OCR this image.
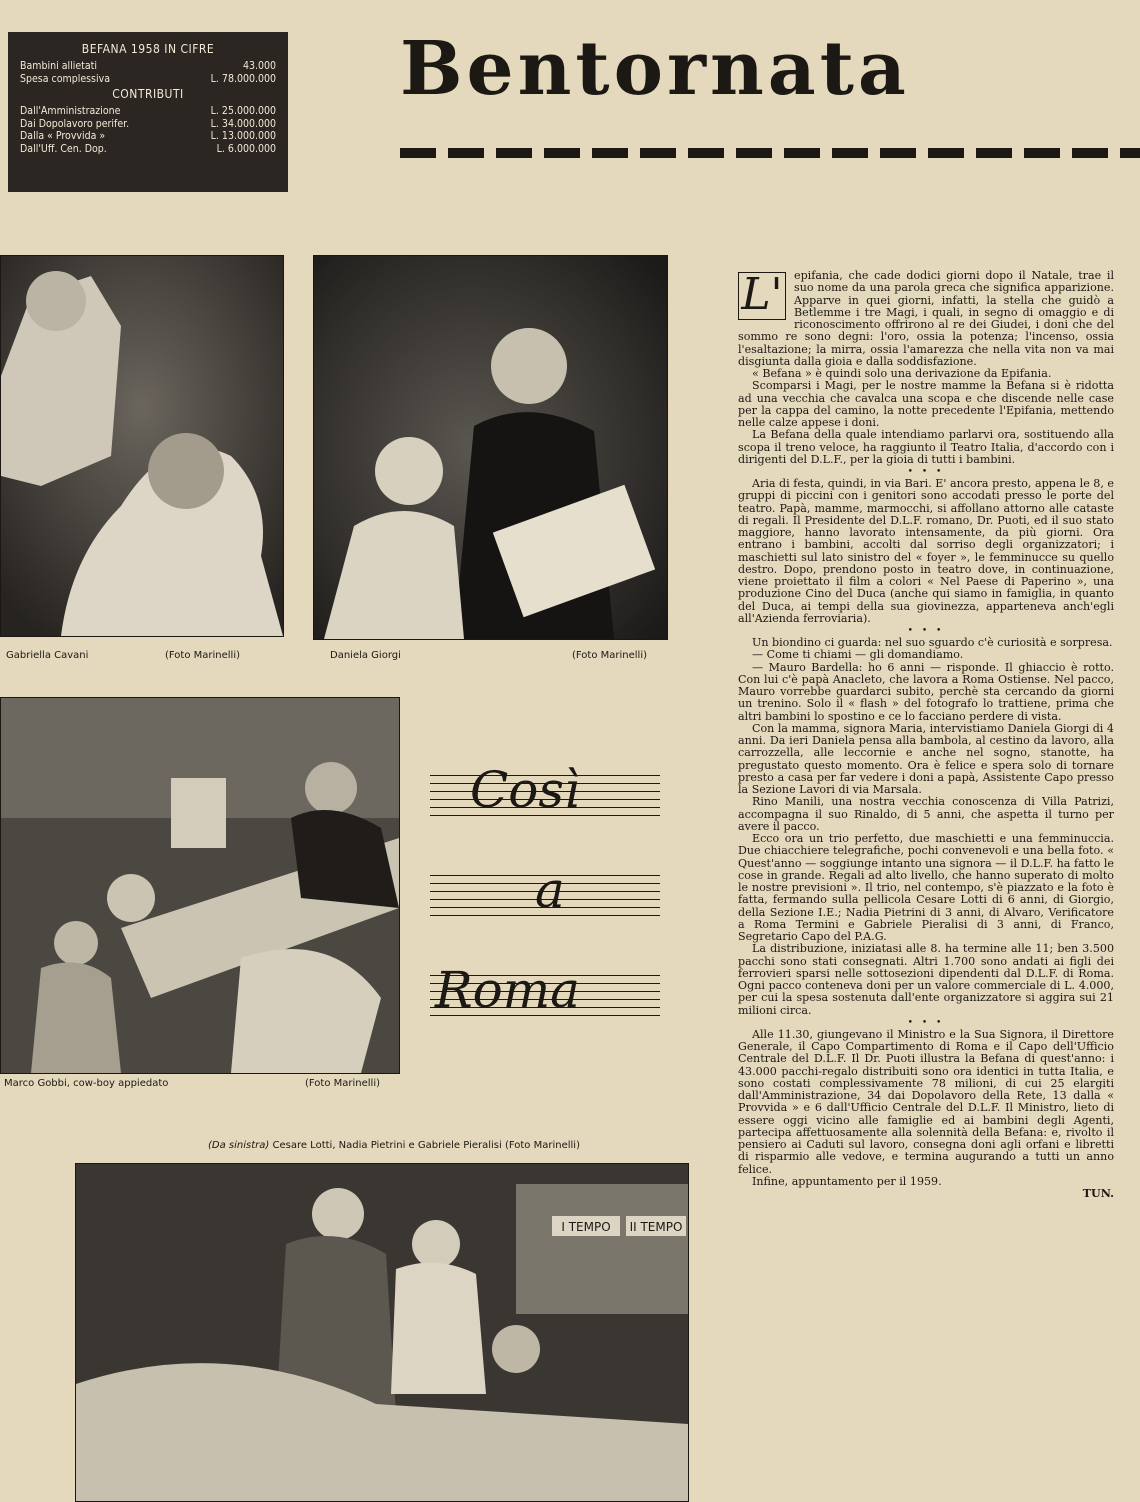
BEFANA 1958 IN CIFRE
Bambini allietati	43.000
Spesa complessiva	L. 78.000.000
CONTRIBUTI
Dall'Amministrazione	L. 25.000.000
Dai Dopolavoro perifer.	L. 34.000.000
Dalla « Provvida »	L. 13.000.000
Dall'Uff. Cen. Dop.	L. 6.000.000
Bentornata
Gabriella Cavani	(Foto Marinelli)	Daniela Giorgi	(Foto Marinelli)
Marco Gobbi, cow-boy appiedato	(Foto Marinelli)
Così
a
Roma
(Da sinistra) Cesare Lotti, Nadia Pietrini e Gabriele Pieralisi (Foto Marinelli)
I TEMPO II TEMPO
L'	epifania, che cade dodici giorni dopo il Natale, trae il suo nome da una parola greca che significa apparizione. Apparve in quei giorni, infatti, la stella che guidò a Betlemme i tre Magi, i quali, in segno di omaggio e di riconoscimento offrirono al re dei Giudei, i doni che del sommo re sono degni: l'oro, ossia la potenza; l'incenso, ossia l'esaltazione; la mirra, ossia l'amarezza che nella vita non va mai disgiunta dalla gioia e dalla soddisfazione.

« Befana » è quindi solo una derivazione da Epifania.

Scomparsi i Magi, per le nostre mamme la Befana si è ridotta ad una vecchia che cavalca una scopa e che discende nelle case per la cappa del camino, la notte precedente l'Epifania, mettendo nelle calze appese i doni.

La Befana della quale intendiamo parlarvi ora, sostituendo alla scopa il treno veloce, ha raggiunto il Teatro Italia, d'accordo con i dirigenti del D.L.F., per la gioia di tutti i bambini.

• • •

Aria di festa, quindi, in via Bari. E' ancora presto, appena le 8, e gruppi di piccini con i genitori sono accodati presso le porte del teatro. Papà, mamme, marmocchi, si affollano attorno alle cataste di regali. Il Presidente del D.L.F. romano, Dr. Puoti, ed il suo stato maggiore, hanno lavorato intensamente, da più giorni. Ora entrano i bambini, accolti dal sorriso degli organizzatori; i maschietti sul lato sinistro del « foyer », le femminucce su quello destro. Dopo, prendono posto in teatro dove, in continuazione, viene proiettato il film a colori « Nel Paese di Paperino », una produzione Cino del Duca (anche qui siamo in famiglia, in quanto del Duca, ai tempi della sua giovinezza, apparteneva anch'egli all'Azienda ferroviaria).

• • •

Un biondino ci guarda: nel suo sguardo c'è curiosità e sorpresa.

— Come ti chiami — gli domandiamo.

— Mauro Bardella: ho 6 anni — risponde. Il ghiaccio è rotto. Con lui c'è papà Anacleto, che lavora a Roma Ostiense. Nel pacco, Mauro vorrebbe guardarci subito, perchè sta cercando da giorni un trenino. Solo il « flash » del fotografo lo trattiene, prima che altri bambini lo spostino e ce lo facciano perdere di vista.

Con la mamma, signora Maria, intervistiamo Daniela Giorgi di 4 anni. Da ieri Daniela pensa alla bambola, al cestino da lavoro, alla carrozzella, alle leccornie e anche nel sogno, stanotte, ha pregustato questo momento. Ora è felice e spera solo di tornare presto a casa per far vedere i doni a papà, Assistente Capo presso la Sezione Lavori di via Marsala.

Rino Manili, una nostra vecchia conoscenza di Villa Patrizi, accompagna il suo Rinaldo, di 5 anni, che aspetta il turno per avere il pacco.

Ecco ora un trio perfetto, due maschietti e una femminuccia. Due chiacchiere telegrafiche, pochi convenevoli e una bella foto. « Quest'anno — soggiunge intanto una signora — il D.L.F. ha fatto le cose in grande. Regali ad alto livello, che hanno superato di molto le nostre previsioni ». Il trio, nel contempo, s'è piazzato e la foto è fatta, fermando sulla pellicola Cesare Lotti di 6 anni, di Giorgio, della Sezione I.E.; Nadia Pietrini di 3 anni, di Alvaro, Verificatore a Roma Termini e Gabriele Pieralisi di 3 anni, di Franco, Segretario Capo del P.A.G.

La distribuzione, iniziatasi alle 8. ha termine alle 11; ben 3.500 pacchi sono stati consegnati. Altri 1.700 sono andati ai figli dei ferrovieri sparsi nelle sottosezioni dipendenti dal D.L.F. di Roma. Ogni pacco conteneva doni per un valore commerciale di L. 4.000, per cui la spesa sostenuta dall'ente organizzatore si aggira sui 21 milioni circa.

• • •

Alle 11.30, giungevano il Ministro e la Sua Signora, il Direttore Generale, il Capo Compartimento di Roma e il Capo dell'Ufficio Centrale del D.L.F. Il Dr. Puoti illustra la Befana di quest'anno: i 43.000 pacchi-regalo distribuiti sono ora identici in tutta Italia, e sono costati complessivamente 78 milioni, di cui 25 elargiti dall'Amministrazione, 34 dai Dopolavoro della Rete, 13 dalla « Provvida » e 6 dall'Ufficio Centrale del D.L.F. Il Ministro, lieto di essere oggi vicino alle famiglie ed ai bambini degli Agenti, partecipa affettuosamente alla solennità della Befana: e, rivolto il pensiero ai Caduti sul lavoro, consegna doni agli orfani e libretti di risparmio alle vedove, e termina augurando a tutti un anno felice.

Infine, appuntamento per il 1959.

TUN.
